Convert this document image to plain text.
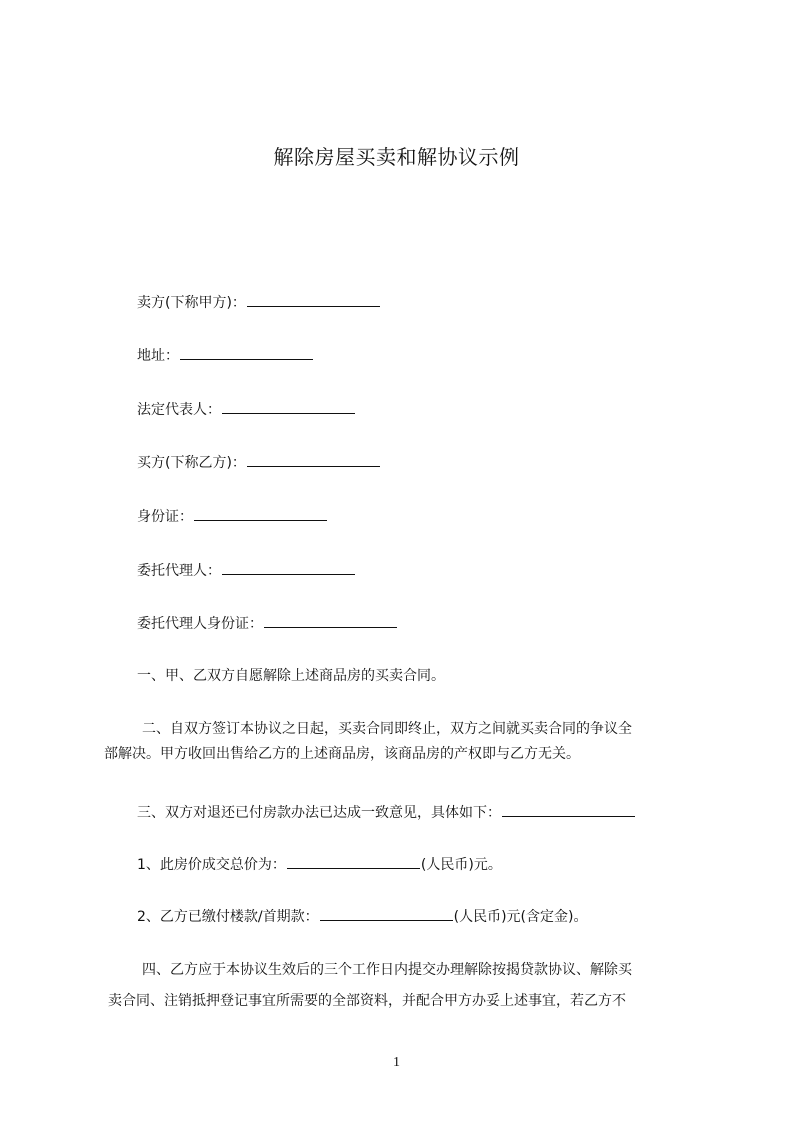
解除房屋买卖和解协议示例
卖方(下称甲方)：
地址：
法定代表人：
买方(下称乙方)：
身份证：
委托代理人：
委托代理人身份证：
一、甲、乙双方自愿解除上述商品房的买卖合同。
二、自双方签订本协议之日起，买卖合同即终止，双方之间就买卖合同的争议全
部解决。甲方收回出售给乙方的上述商品房，该商品房的产权即与乙方无关。
三、双方对退还已付房款办法已达成一致意见，具体如下：
1、此房价成交总价为：	(人民币)元。
2、乙方已缴付楼款/首期款：	(人民币)元(含定金)。
四、乙方应于本协议生效后的三个工作日内提交办理解除按揭贷款协议、解除买
卖合同、注销抵押登记事宜所需要的全部资料，并配合甲方办妥上述事宜，若乙方不
1
